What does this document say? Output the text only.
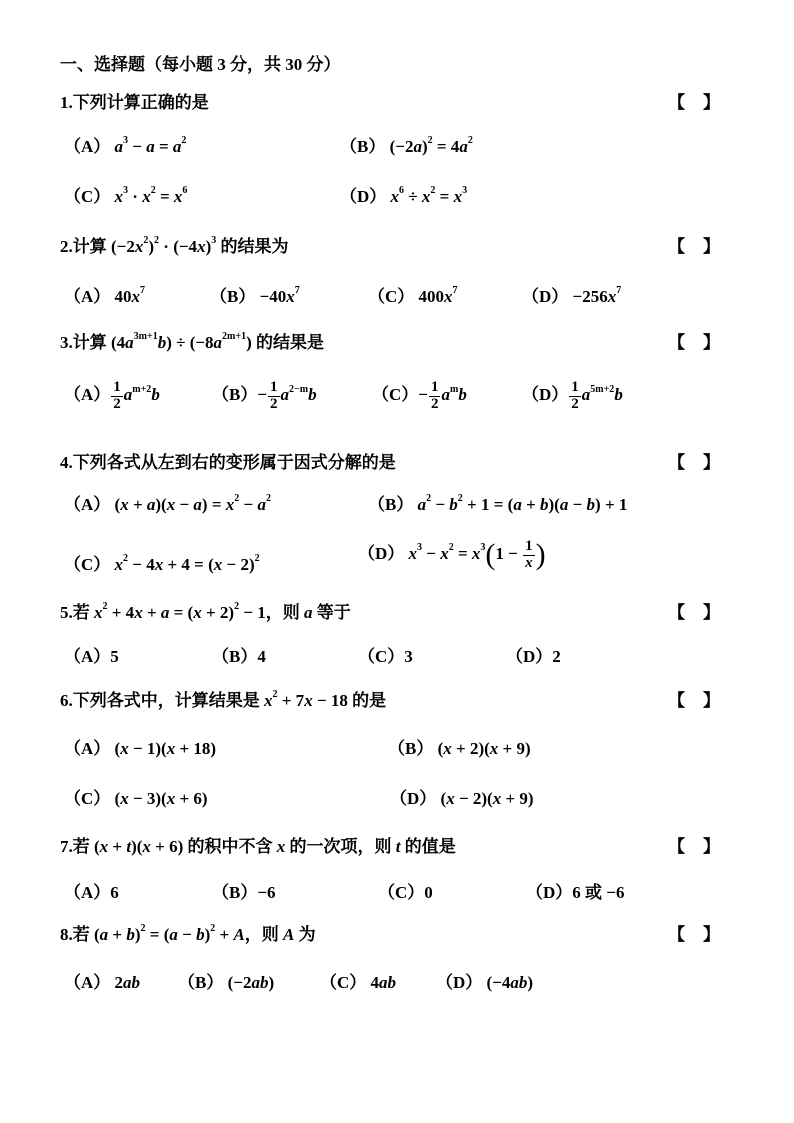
一、选择题（每小题 3 分，共 30 分）
1.下列计算正确的是	【 】
（A） $a^3 - a = a^2$	（B） $(-2a)^2 = 4a^2$
（C） $x^3 \cdot x^2 = x^6$	（D） $x^6 \div x^2 = x^3$
2.计算 $(-2x^2)^2 \cdot (-4x)^3$ 的结果为	【 】
（A） $40x^7$	$(B) -40x^7$	（C） $400x^7$	$(D) -256x^7$
3.计算 $(4a^{3m+1}b) \div (-8a^{2m+1})$ 的结果是	【 】
$(A) \frac{1}{2} a^{m+2}b$	$(B)- \frac{1}{2} a^{2-m}b$	$(C)- \frac{1}{2} a^mb$	$(D) \frac{1}{2} a^{5m+2}b$
4.下列各式从左到右的变形属于因式分解的是	【 】
（A） $(x + a)(x - a) = x^2 - a^2$	（B） $a^2 - b^2 + 1 = (a + b)(a - b) + 1$
（C） $x^2 - 4x + 4 = (x - 2)^2$	（D） $x^3 - x^2 = x^3(1 - \frac{1}{x}$ )
5.若 $x^2 + 4x + a = (x + 2)^2 - 1$，则 a 等于	【 】
（A）5	（B）4	（C）3	（D）2
6.下列各式中，计算结果是 $x^2 + 7x - 18$ 的是	【 】
（A） (x − 1)(x + 18)	（B） (x + 2)(x + 9)
（C） (x − 3)(x + 6)	（D） (x − 2)(x + 9)
7.若 (x + t)(x + 6) 的积中不含 x 的一次项，则 t 的值是	【 】
（A）6	（B）−6	（C）0	（D）6 或 −6
8.若 $(a + b)^2 = (a - b)^2 + A$，则 A 为	【 】
（A） 2ab （B） (−2ab)	（C） 4ab （D） (−4ab)
